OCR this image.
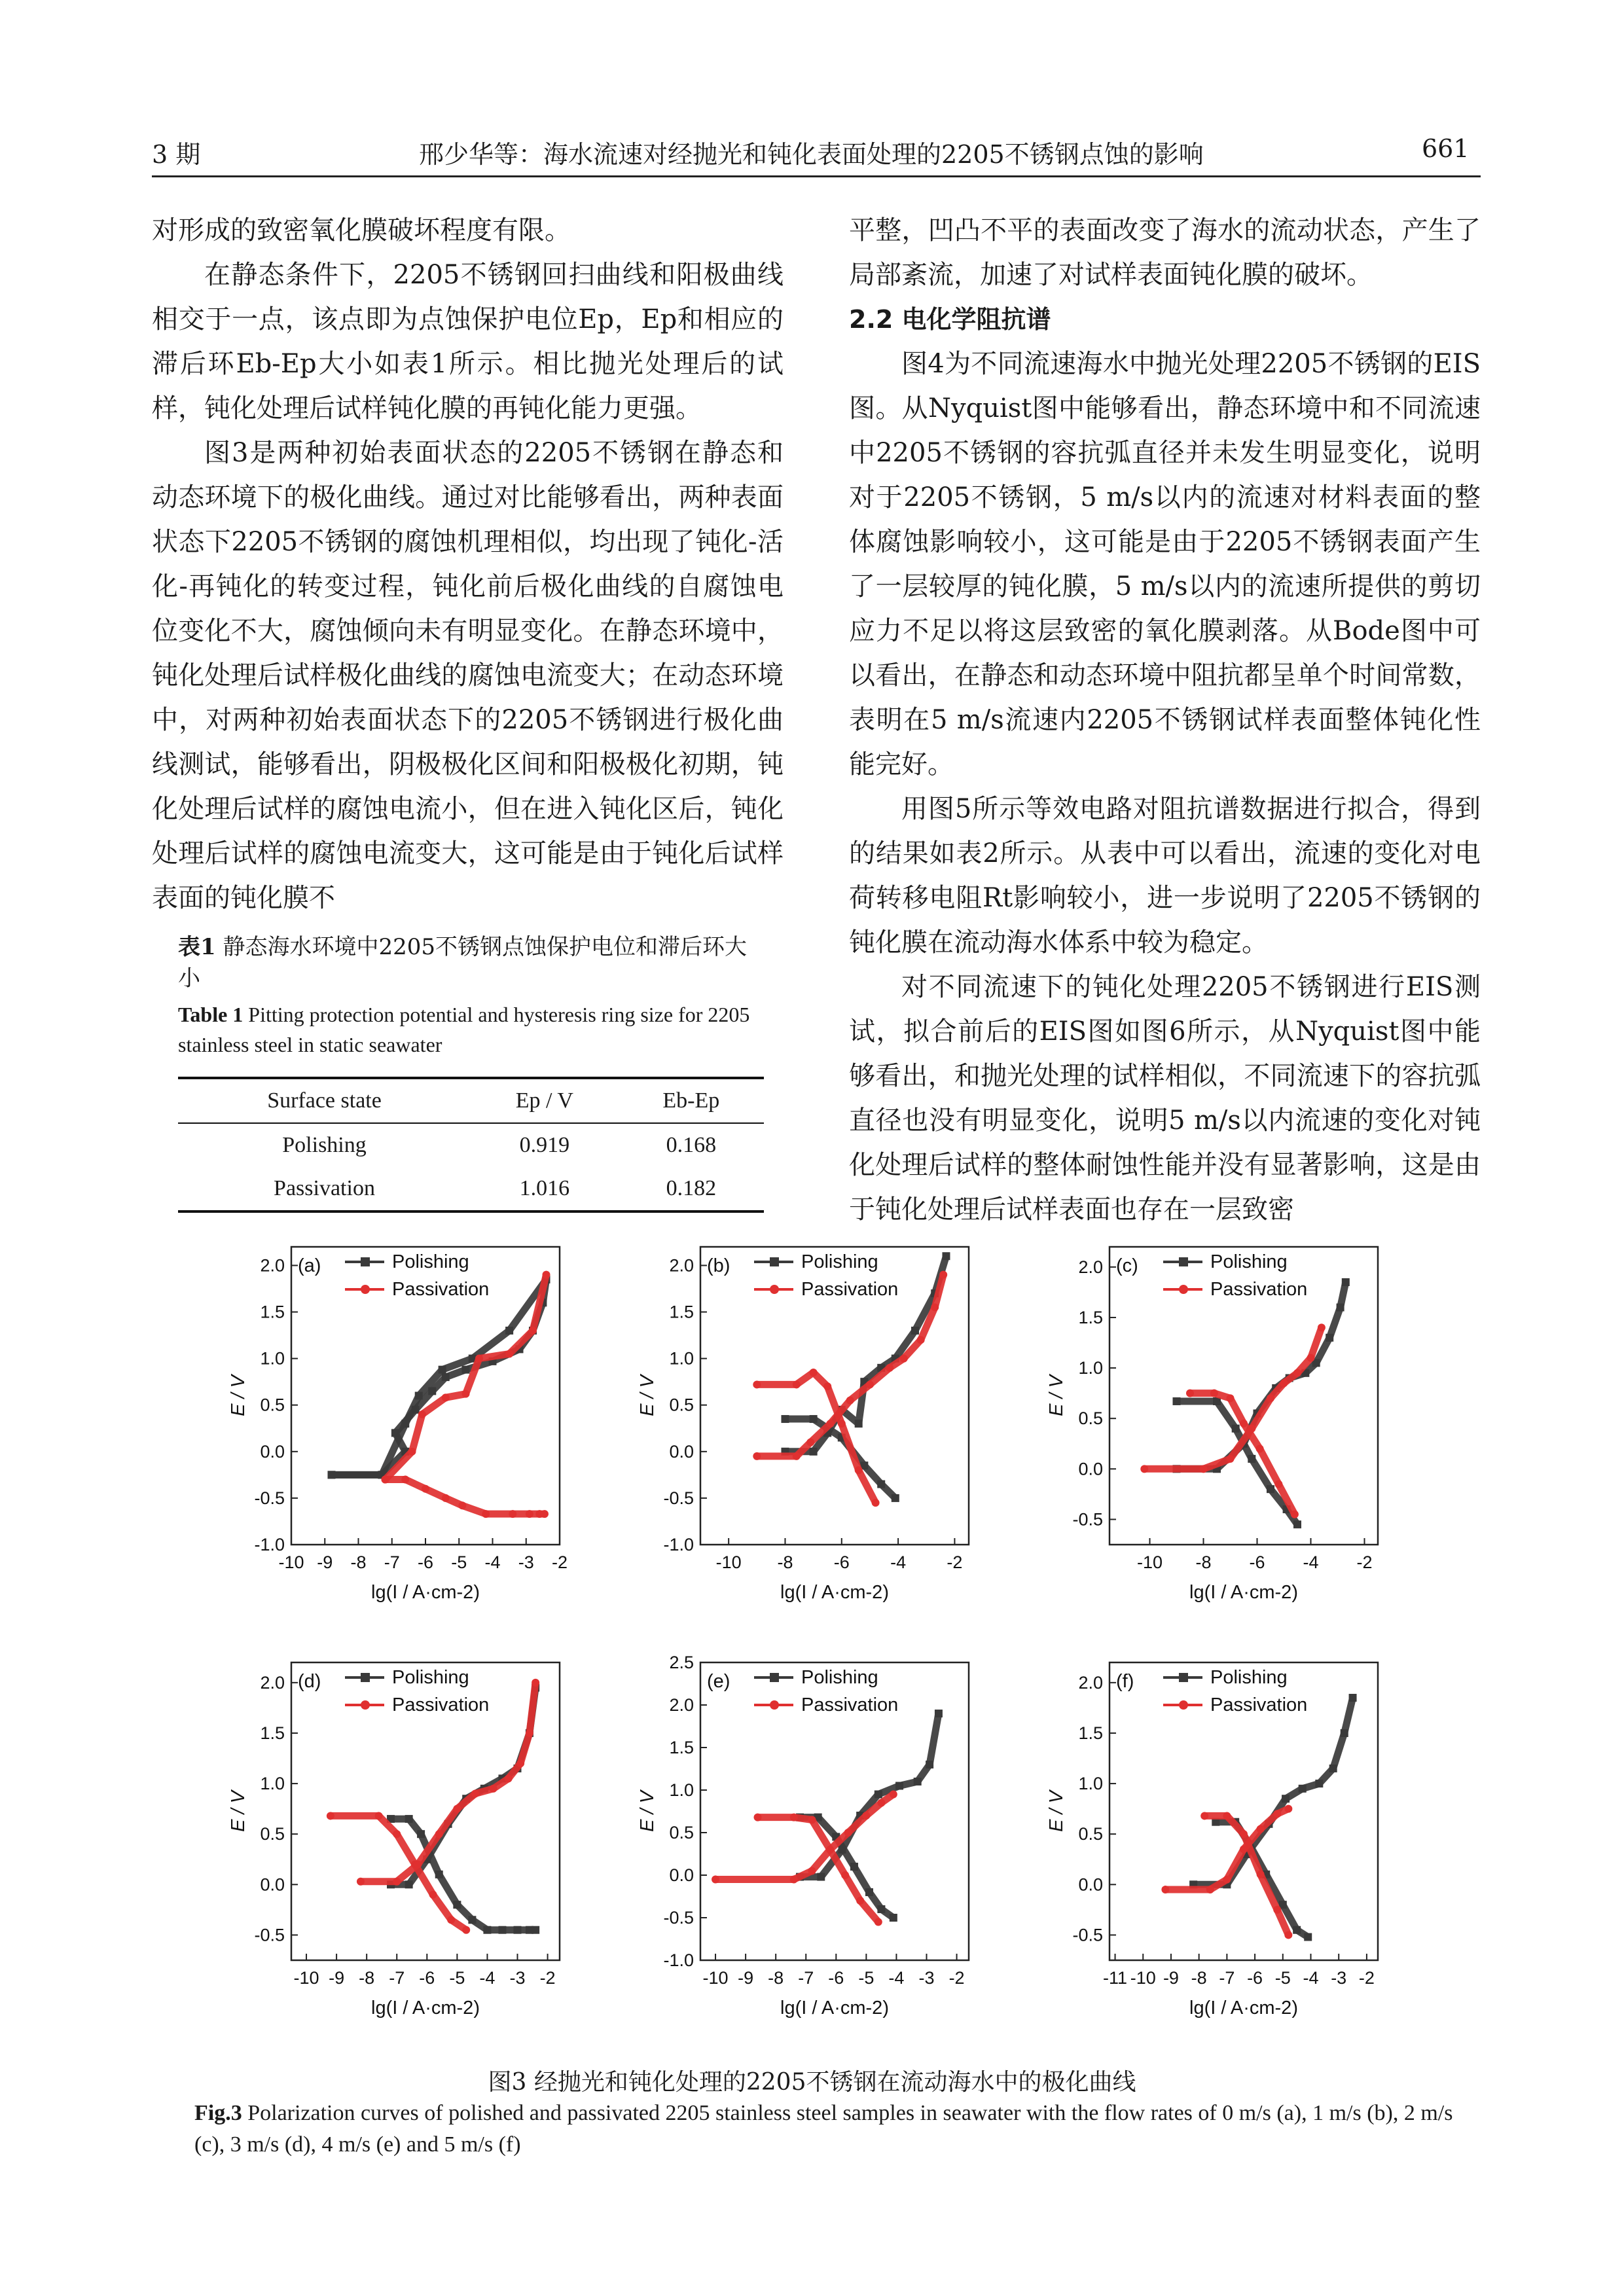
3 期	邢少华等：海水流速对经抛光和钝化表面处理的2205不锈钢点蚀的影响	661

对形成的致密氧化膜破坏程度有限。

在静态条件下，2205不锈钢回扫曲线和阳极曲线相交于一点，该点即为点蚀保护电位Ep，Ep和相应的滞后环Eb-Ep大小如表1所示。相比抛光处理后的试样，钝化处理后试样钝化膜的再钝化能力更强。

图3是两种初始表面状态的2205不锈钢在静态和动态环境下的极化曲线。通过对比能够看出，两种表面状态下2205不锈钢的腐蚀机理相似，均出现了钝化-活化-再钝化的转变过程，钝化前后极化曲线的自腐蚀电位变化不大，腐蚀倾向未有明显变化。在静态环境中，钝化处理后试样极化曲线的腐蚀电流变大；在动态环境中，对两种初始表面状态下的2205不锈钢进行极化曲线测试，能够看出，阴极极化区间和阳极极化初期，钝化处理后试样的腐蚀电流小，但在进入钝化区后，钝化处理后试样的腐蚀电流变大，这可能是由于钝化后试样表面的钝化膜不

表1 静态海水环境中2205不锈钢点蚀保护电位和滞后环大小
Table 1 Pitting protection potential and hysteresis ring size for 2205 stainless steel in static seawater
Surface state	Ep / V	Eb-Ep
Polishing	0.919	0.168
Passivation	1.016	0.182

平整，凹凸不平的表面改变了海水的流动状态，产生了局部紊流，加速了对试样表面钝化膜的破坏。

2.2 电化学阻抗谱

图4为不同流速海水中抛光处理2205不锈钢的EIS图。从Nyquist图中能够看出，静态环境中和不同流速中2205不锈钢的容抗弧直径并未发生明显变化，说明对于2205不锈钢，5 m/s以内的流速对材料表面的整体腐蚀影响较小，这可能是由于2205不锈钢表面产生了一层较厚的钝化膜，5 m/s以内的流速所提供的剪切应力不足以将这层致密的氧化膜剥落。从Bode图中可以看出，在静态和动态环境中阻抗都呈单个时间常数，表明在5 m/s流速内2205不锈钢试样表面整体钝化性能完好。

用图5所示等效电路对阻抗谱数据进行拟合，得到的结果如表2所示。从表中可以看出，流速的变化对电荷转移电阻Rt影响较小，进一步说明了2205不锈钢的钝化膜在流动海水体系中较为稳定。

对不同流速下的钝化处理2205不锈钢进行EIS测试，拟合前后的EIS图如图6所示，从Nyquist图中能够看出，和抛光处理的试样相似，不同流速下的容抗弧直径也没有明显变化，说明5 m/s以内流速的变化对钝化处理后试样的整体耐蚀性能并没有显著影响，这是由于钝化处理后试样表面也存在一层致密

-10 -9 -8 -7 -6 -5 -4 -3 -2
-1.0
-0.5
0.0
0.5
1.0
1.5
2.0
lg(I / A·cm-2)
E / V
(a)	Polishing
Passivation
-10 -8 -6 -4 -2
-1.0
-0.5
0.0
0.5
1.0
1.5
2.0
lg(I / A·cm-2)
E / V
(b)	Polishing
Passivation
-10 -8 -6 -4 -2
-0.5
0.0
0.5
1.0
1.5
2.0
lg(I / A·cm-2)
E / V
(c)	Polishing
Passivation
-10 -9 -8 -7 -6 -5 -4 -3 -2
-0.5
0.0
0.5
1.0
1.5
2.0
lg(I / A·cm-2)
E / V
(d)	Polishing
Passivation
-10 -9 -8 -7 -6 -5 -4 -3 -2
-1.0
-0.5
0.0
0.5
1.0
1.5
2.0
2.5
lg(I / A·cm-2)
E / V
(e)	Polishing
Passivation
-11 -10 -9 -8 -7 -6 -5 -4 -3 -2
-0.5
0.0
0.5
1.0
1.5
2.0
lg(I / A·cm-2)
E / V
(f)	Polishing
Passivation
图3 经抛光和钝化处理的2205不锈钢在流动海水中的极化曲线
Fig.3 Polarization curves of polished and passivated 2205 stainless steel samples in seawater with the flow rates of 0 m/s (a), 1 m/s (b), 2 m/s (c), 3 m/s (d), 4 m/s (e) and 5 m/s (f)
